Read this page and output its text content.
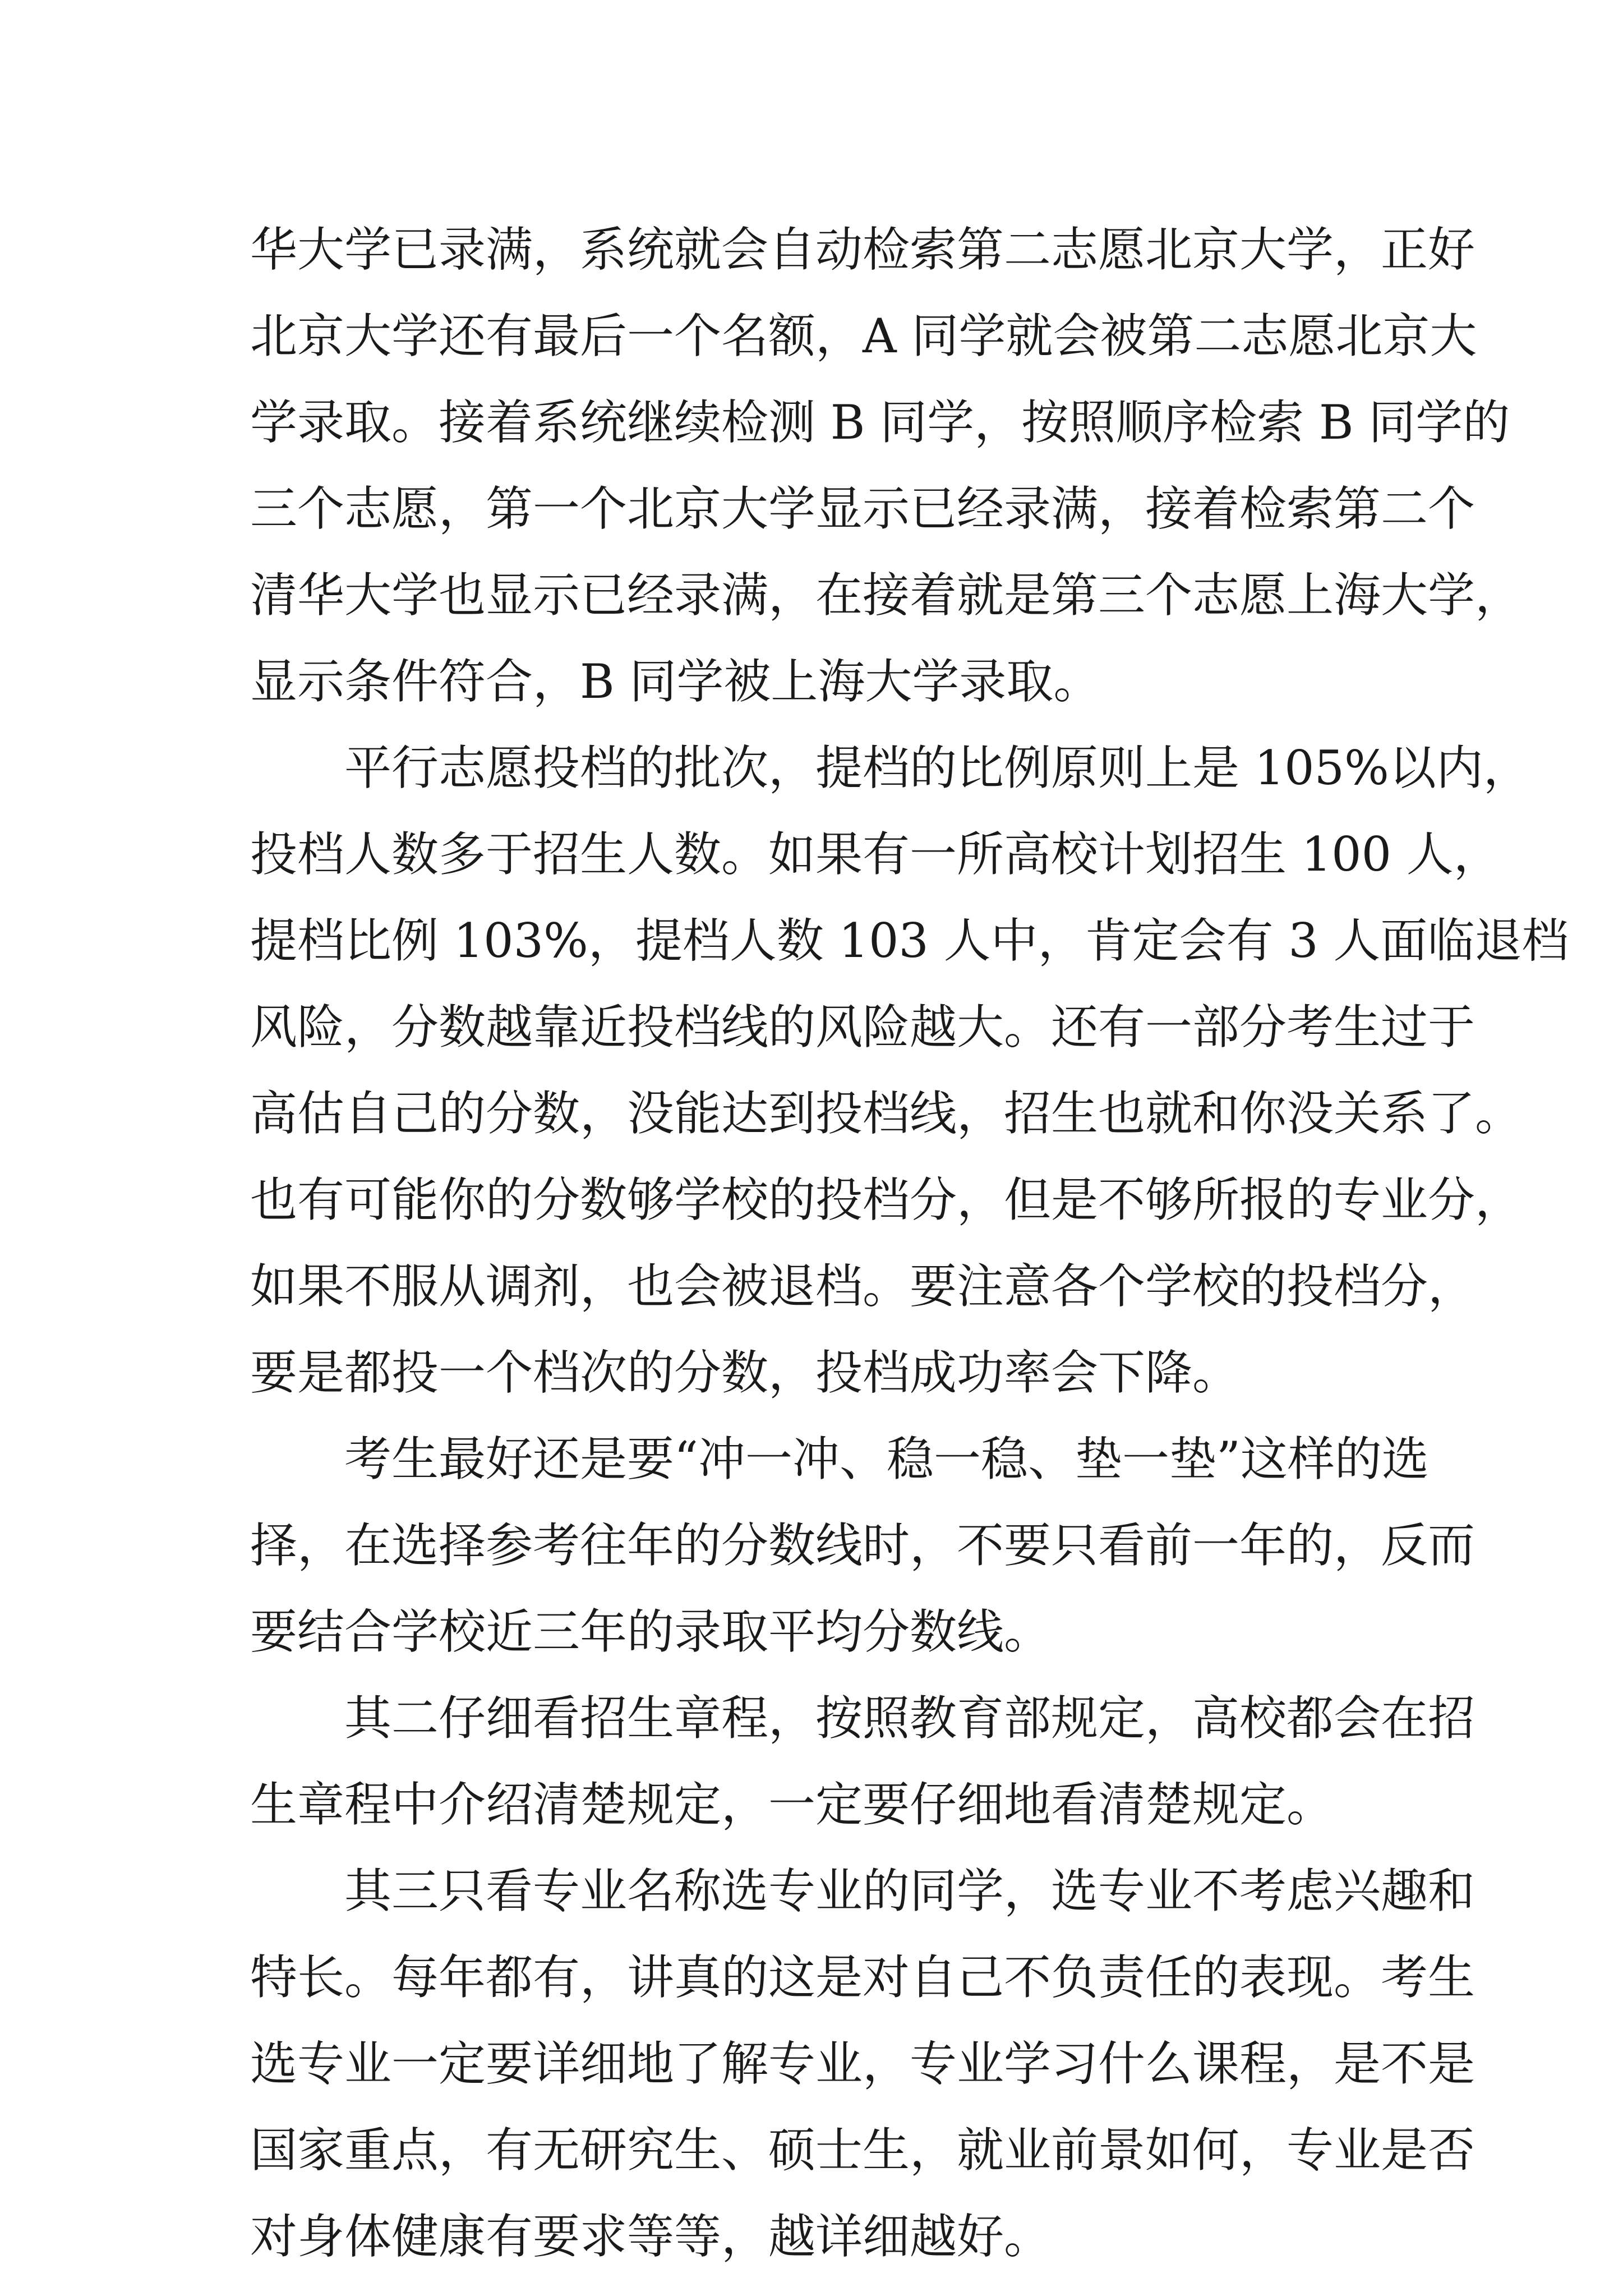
华大学已录满，系统就会自动检索第二志愿北京大学，正好
北京大学还有最后一个名额，A 同学就会被第二志愿北京大
学录取。接着系统继续检测 B 同学，按照顺序检索 B 同学的
三个志愿，第一个北京大学显示已经录满，接着检索第二个
清华大学也显示已经录满，在接着就是第三个志愿上海大学，
显示条件符合，B 同学被上海大学录取。
平行志愿投档的批次，提档的比例原则上是 105%以内，
投档人数多于招生人数。如果有一所高校计划招生 100 人，
提档比例 103%，提档人数 103 人中，肯定会有 3 人面临退档
风险，分数越靠近投档线的风险越大。还有一部分考生过于
高估自己的分数，没能达到投档线，招生也就和你没关系了。
也有可能你的分数够学校的投档分，但是不够所报的专业分，
如果不服从调剂，也会被退档。要注意各个学校的投档分，
要是都投一个档次的分数，投档成功率会下降。
考生最好还是要“冲一冲、稳一稳、垫一垫”这样的选
择，在选择参考往年的分数线时，不要只看前一年的，反而
要结合学校近三年的录取平均分数线。
其二仔细看招生章程，按照教育部规定，高校都会在招
生章程中介绍清楚规定，一定要仔细地看清楚规定。
其三只看专业名称选专业的同学，选专业不考虑兴趣和
特长。每年都有，讲真的这是对自己不负责任的表现。考生
选专业一定要详细地了解专业，专业学习什么课程，是不是
国家重点，有无研究生、硕士生，就业前景如何，专业是否
对身体健康有要求等等，越详细越好。
